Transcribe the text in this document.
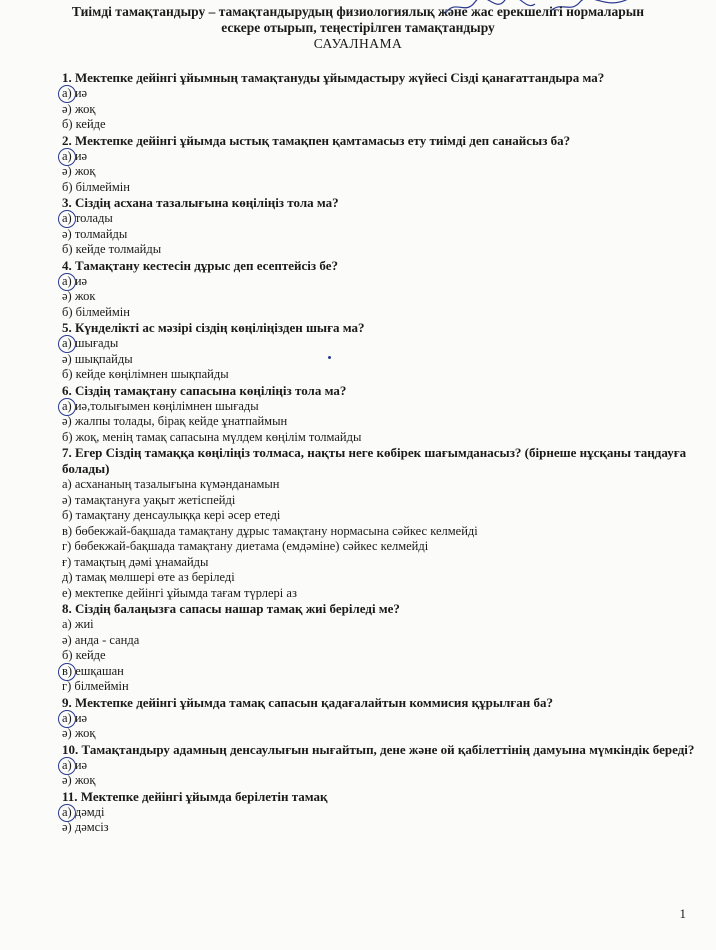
Тиімді тамақтандыру – тамақтандырудың физиологиялық және жас ерекшелігі нормаларын
ескере отырып, теңестірілген тамақтандыру
САУАЛНАМА
1. Мектепке дейінгі ұйымның тамақтануды ұйымдастыру жүйесі Сізді қанағаттандыра ма?
а) иә
ә) жоқ
б) кейде
2. Мектепке дейінгі ұйымда ыстық тамақпен қамтамасыз ету тиімді деп санайсыз ба?
а) иә
ә) жоқ
б) білмеймін
3. Сіздің асхана тазалығына көңіліңіз тола ма?
а) толады
ә) толмайды
б) кейде толмайды
4. Тамақтану кестесін дұрыс деп есептейсіз бе?
а) иә
ә) жок
б) білмеймін
5. Күнделікті ас мәзірі сіздің көңіліңізден шыға ма?
а) шығады
ә) шықпайды
б) кейде көңілімнен шықпайды
6. Сіздің тамақтану сапасына көңіліңіз тола ма?
а) иә,толығымен көңілімнен шығады
ә) жалпы толады, бірақ кейде ұнатпаймын
б) жоқ, менің тамақ сапасына мүлдем көңілім толмайды
7. Егер Сіздің тамаққа көңіліңіз толмаса, нақты неге көбірек шағымданасыз? (бірнеше нұсқаны таңдауға болады)
а) асхананың тазалығына күмәнданамын
ә) тамақтануға уақыт жетіспейді
б) тамақтану денсаулыққа кері әсер етеді
в) бөбекжай-бақшада тамақтану дұрыс тамақтану нормасына сәйкес келмейді
г) бөбекжай-бақшада тамақтану диетама (емдәміне) сәйкес келмейді
ғ) тамақтың дәмі ұнамайды
д) тамақ мөлшері өте аз беріледі
е) мектепке дейінгі ұйымда тағам түрлері аз
8. Сіздің балаңызға сапасы нашар тамақ жиі беріледі ме?
а) жиі
ә) анда - санда
б) кейде
в) ешқашан
г) білмеймін
9. Мектепке дейінгі ұйымда тамақ сапасын қадағалайтын коммисия құрылған ба?
а) иә
ә) жоқ
10. Тамақтандыру адамның денсаулығын нығайтып, дене және ой қабілеттінің дамуына мүмкіндік береді?
а) иә
ә) жоқ
11. Мектепке дейінгі ұйымда берілетін тамақ
а) дәмді
ә) дәмсіз
1
